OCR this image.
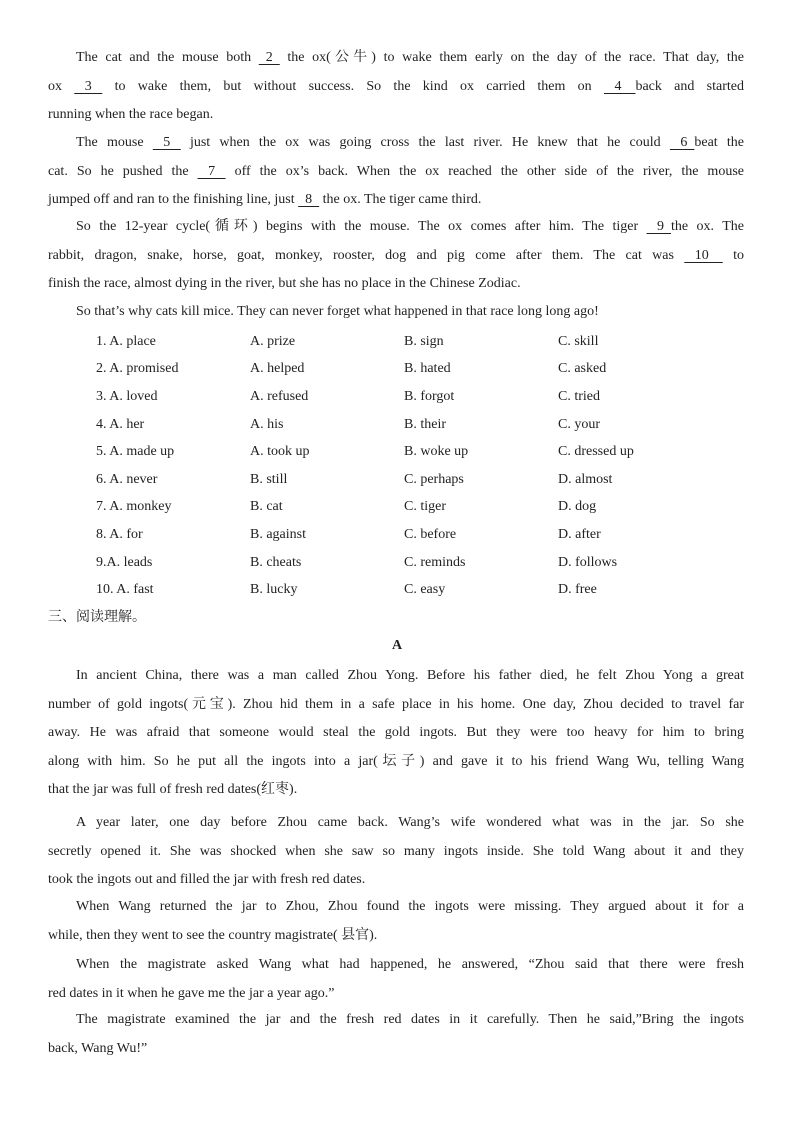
  The cat and the mouse both   2   the ox(公牛) to wake them early on the day of the race. That day, the
ox    3    to wake them, but without success. So the kind ox carried them on    4    back and started
running when the race began.
  The mouse    5    just when the ox was going cross the last river. He knew that he could    6  beat the
cat. So he pushed the    7    off the ox’s back. When the ox reached the other side of the river, the mouse
jumped off and ran to the finishing line, just   8   the ox. The tiger came third.
  So the 12-year cycle(循环) begins with the mouse. The ox comes after him. The tiger    9  the ox. The
rabbit, dragon, snake, horse, goat, monkey, rooster, dog and pig come after them. The cat was    10     to
finish the race, almost dying in the river, but she has no place in the Chinese Zodiac.
  So that’s why cats kill mice. They can never forget what happened in that race long long ago!
1. A. place	A. prize	B. sign	C. skill
2. A. promised	A. helped	B. hated	C. asked
3. A. loved	A. refused	B. forgot	C. tried
4. A. her	A. his	B. their	C. your
5. A. made up	A. took up	B. woke up	C. dressed up
6. A. never	B. still	C. perhaps	D. almost
7. A. monkey	B. cat	C. tiger	D. dog
8. A. for	B. against	C. before	D. after
9.A. leads	B. cheats	C. reminds	D. follows
10. A. fast	B. lucky	C. easy	D. free
三、阅读理解。
A
  In ancient China, there was a man called Zhou Yong. Before his father died, he felt Zhou Yong a great
number of gold ingots(元宝). Zhou hid them in a safe place in his home. One day, Zhou decided to travel far
away. He was afraid that someone would steal the gold ingots. But they were too heavy for him to bring
along with him. So he put all the ingots into a jar(坛子) and gave it to his friend Wang Wu, telling Wang
that the jar was full of fresh red dates(红枣).
  A year later, one day before Zhou came back. Wang’s wife wondered what was in the jar. So she
secretly opened it. She was shocked when she saw so many ingots inside. She told Wang about it and they
took the ingots out and filled the jar with fresh red dates.
  When Wang returned the jar to Zhou, Zhou found the ingots were missing. They argued about it for a
while, then they went to see the country magistrate( 县官).
  When the magistrate asked Wang what had happened, he answered, “Zhou said that there were fresh
red dates in it when he gave me the jar a year ago.”
  The magistrate examined the jar and the fresh red dates in it carefully. Then he said,”Bring the ingots
back, Wang Wu!”
